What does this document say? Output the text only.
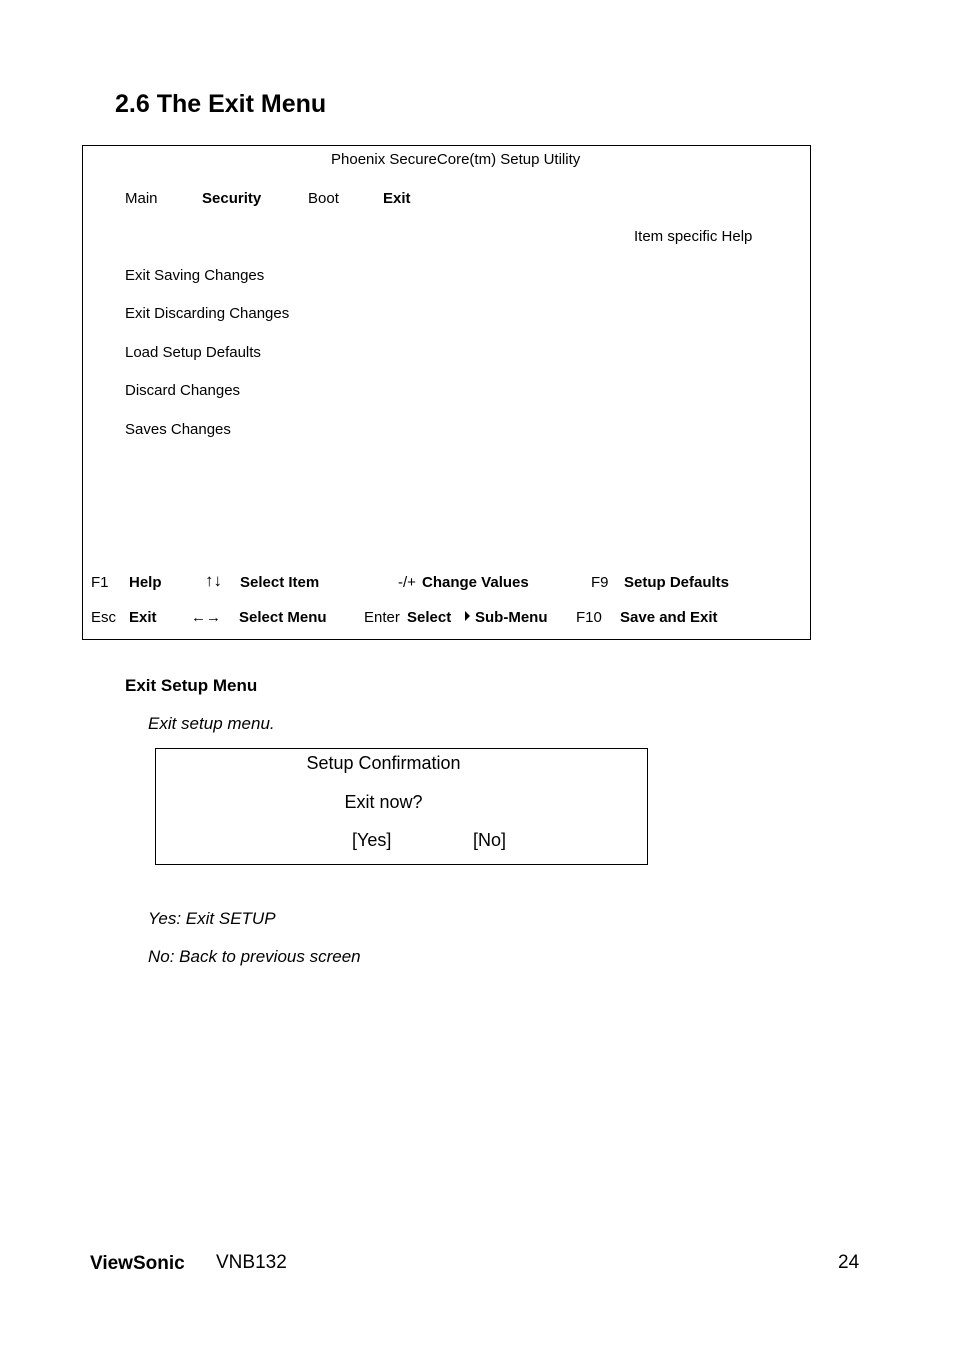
2.6 The Exit Menu
Phoenix SecureCore(tm) Setup Utility
Main	Security	Boot	Exit
Item specific Help
Exit Saving Changes
Exit Discarding Changes
Load Setup Defaults
Discard Changes
Saves Changes
F1 Help	↑↓ Select Item	-/+ Change Values	F9 Setup Defaults
Esc Exit ←→ Select Menu Enter Select Sub-Menu F10 Save and Exit
Exit Setup Menu
Exit setup menu.
Setup Confirmation
Exit now?
[Yes]	[No]
Yes: Exit SETUP
No: Back to previous screen
ViewSonic VNB132	24
